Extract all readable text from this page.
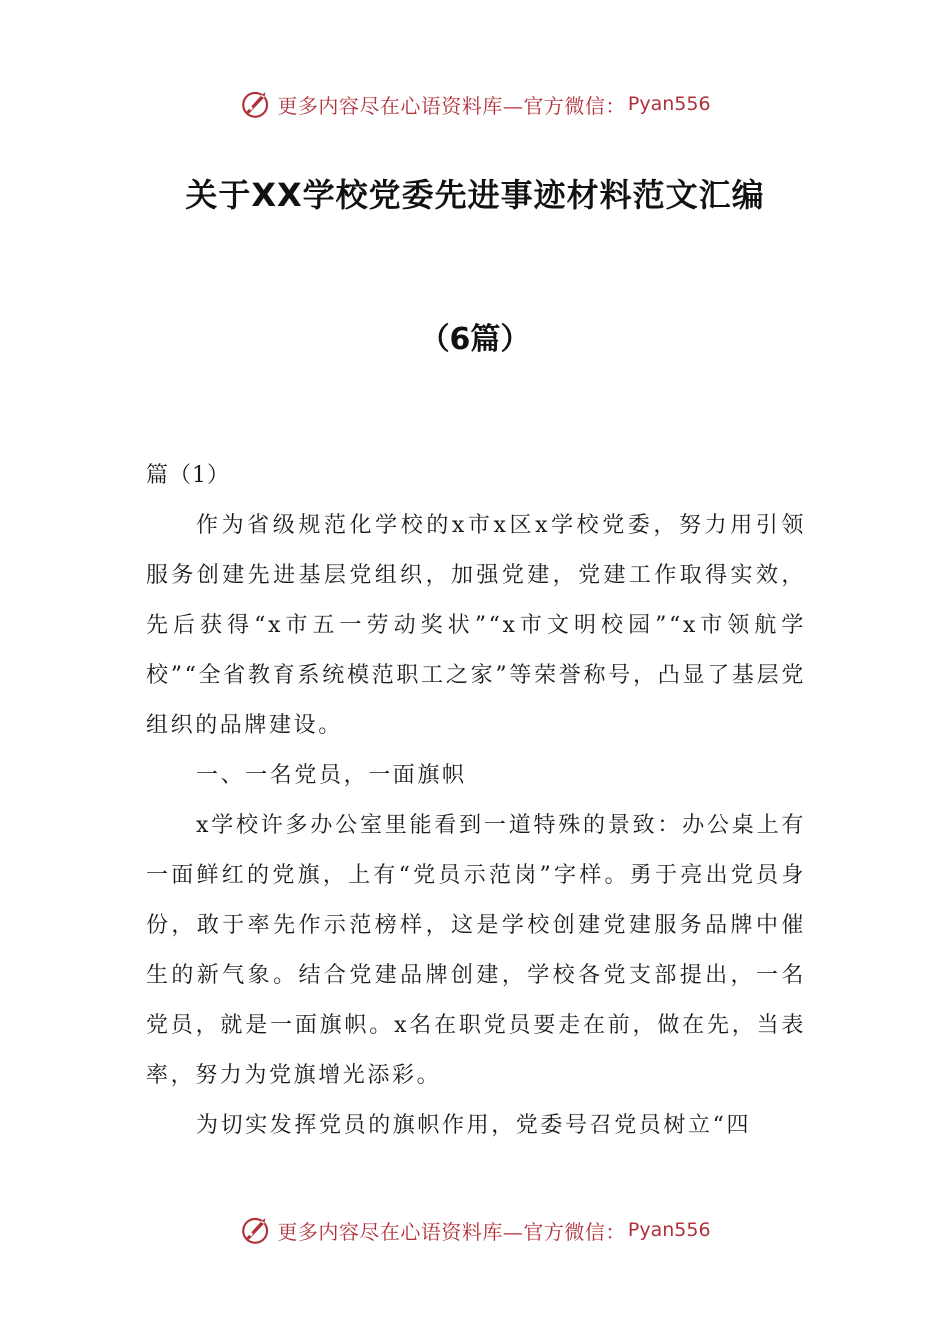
更多内容尽在心语资料库—官方微信： Pyan556
关于XX学校党委先进事迹材料范文汇编
（6篇）

篇（1）

作为省级规范化学校的x市x区x学校党委，努力用引领服务创建先进基层党组织，加强党建，党建工作取得实效，先后获得“x市五一劳动奖状”“x市文明校园”“x市领航学校”“全省教育系统模范职工之家”等荣誉称号，凸显了基层党组织的品牌建设。

一、一名党员，一面旗帜

x学校许多办公室里能看到一道特殊的景致：办公桌上有一面鲜红的党旗，上有“党员示范岗”字样。勇于亮出党员身份，敢于率先作示范榜样，这是学校创建党建服务品牌中催生的新气象。结合党建品牌创建，学校各党支部提出，一名党员，就是一面旗帜。x名在职党员要走在前，做在先，当表率，努力为党旗增光添彩。

为切实发挥党员的旗帜作用，党委号召党员树立“四

更多内容尽在心语资料库—官方微信： Pyan556
